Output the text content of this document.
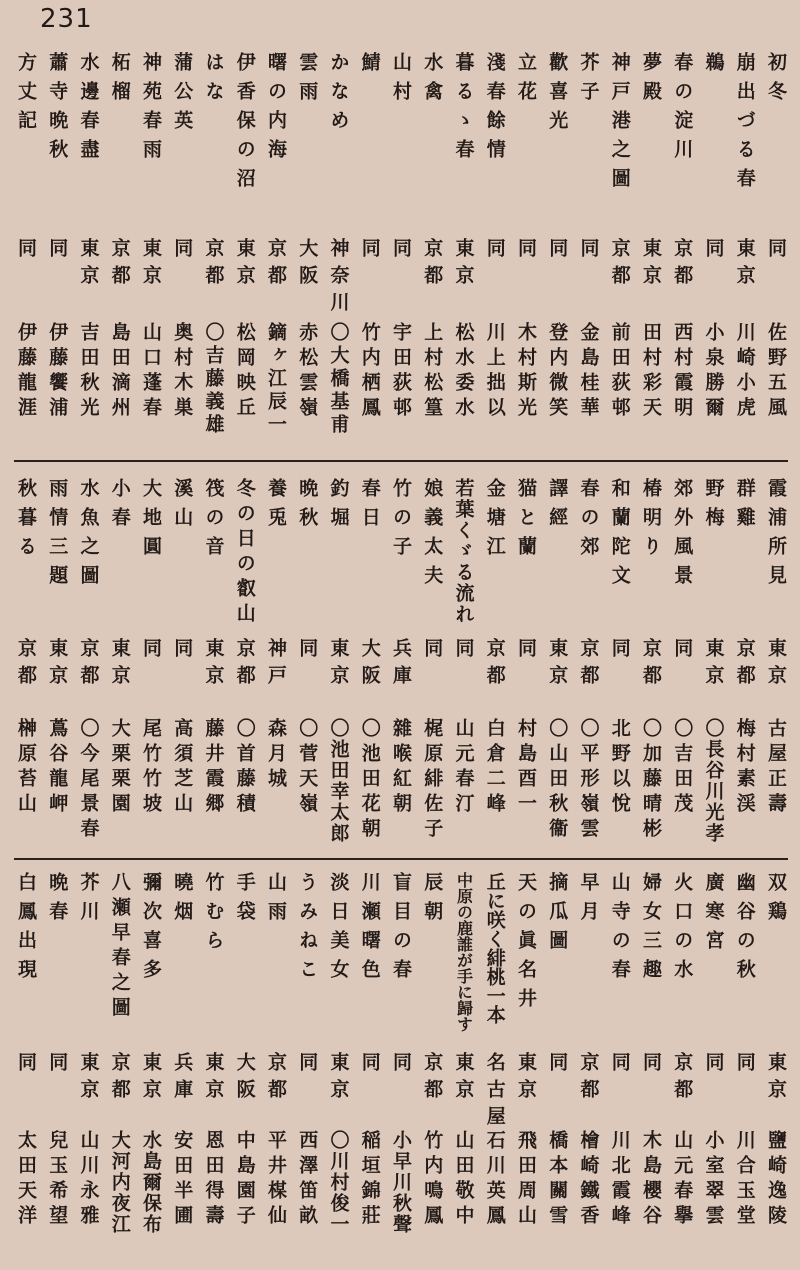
231
初冬
同
佐野五風
崩出づる春
東京
川崎小虎
鵜
同
小泉勝爾
春の淀川
京都
西村霞明
夢殿
東京
田村彩天
神戸港之圖
京都
前田荻邨
芥子
同
金島桂華
歡喜光
同
登内微笑
立花
同
木村斯光
淺春餘情
同
川上拙以
暮るゝ春
東京
松水委水
水禽
京都
上村松篁
山村
同
宇田荻邨
鯖
同
竹内栖鳳
かなめ
神奈川
〇大橋基甫
雲雨
大阪
赤松雲嶺
曙の内海
京都
鏑ヶ江辰一
伊香保の沼
東京
松岡映丘
はな
京都
〇吉藤義雄
蒲公英
同
奥村木巣
神苑春雨
東京
山口蓬春
柘榴
京都
島田滴州
水邊春盡
東京
吉田秋光
蕭寺晩秋
同
伊藤饗浦
方丈記
同
伊藤龍涯
霞浦所見
東京
古屋正壽
群雞
京都
梅村素渓
野梅
東京
〇長谷川光孝
郊外風景
同
〇吉田茂
椿明り
京都
〇加藤晴彬
和蘭陀文
同
北野以悅
春の郊
京都
〇平形嶺雲
譯經
東京
〇山田秋衞
猫と蘭
同
村島酉一
金塘江
京都
白倉二峰
若葉くゞる流れ
同
山元春汀
娘義太夫
同
梶原緋佐子
竹の子
兵庫
雜喉紅朝
春日
大阪
〇池田花朝
釣堀
東京
〇池田幸太郎
晩秋
同
〇菅天嶺
養兎
神戸
森月城
冬の日の叡山
京都
〇首藤積
筏の音
東京
藤井霞郷
溪山
同
高須芝山
大地圓
同
尾竹竹坡
小春
東京
大栗栗園
水魚之圖
京都
〇今尾景春
雨情三題
東京
蔦谷龍岬
秋暮る
京都
榊原苔山
双鶏
東京
鹽崎逸陵
幽谷の秋
同
川合玉堂
廣寒宮
同
小室翠雲
火口の水
京都
山元春擧
婦女三趣
同
木島櫻谷
山寺の春
同
川北霞峰
早月
京都
檜崎鐵香
摘瓜圖
同
橋本關雪
天の眞名井
東京
飛田周山
丘に咲く緋桃一本
名古屋
石川英鳳
中原の鹿誰が手に歸す
東京
山田敬中
辰朝
京都
竹内鳴鳳
盲目の春
同
小早川秋聲
川瀬曙色
同
稲垣錦莊
淡日美女
東京
〇川村俊一
うみねこ
同
西澤笛畝
山雨
京都
平井楳仙
手袋
大阪
中島園子
竹むら
東京
恩田得壽
曉烟
兵庫
安田半圃
彌次喜多
東京
水島爾保布
八瀬早春之圖
京都
大河内夜江
芥川
東京
山川永雅
晩春
同
兒玉希望
白鳳出現
同
太田天洋
